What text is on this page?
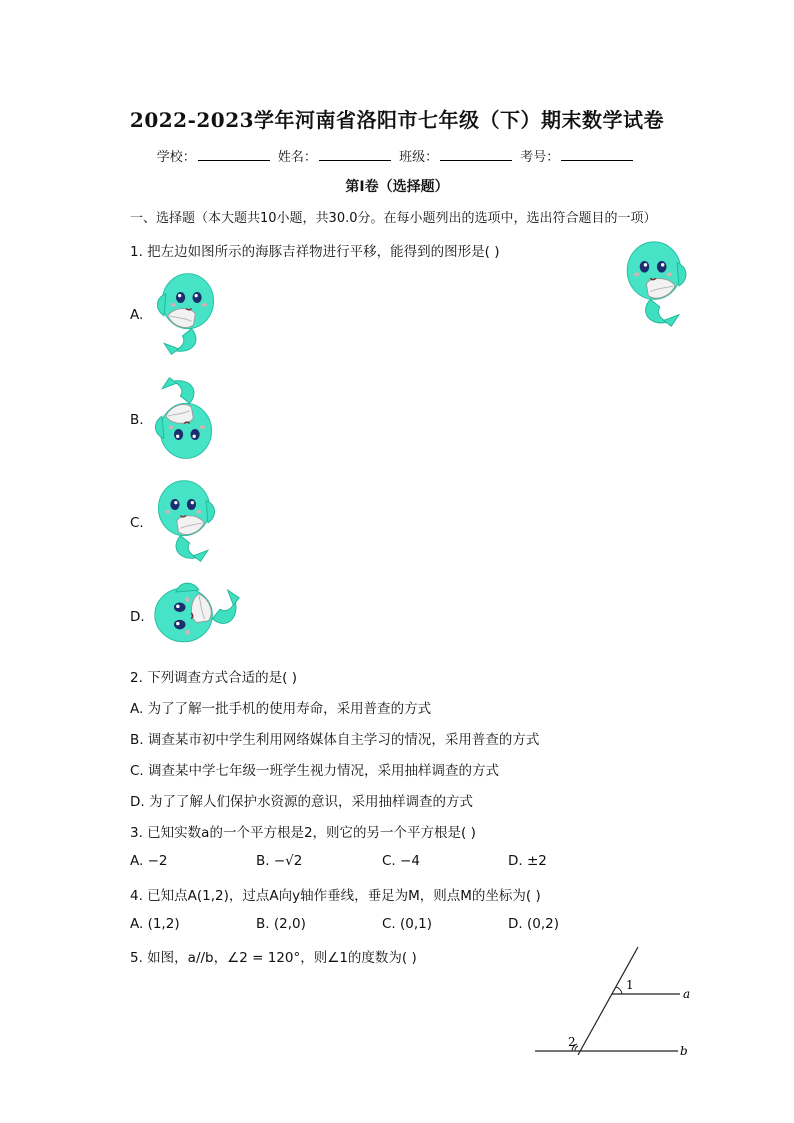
2022-2023学年河南省洛阳市七年级（下）期末数学试卷
学校：	姓名：	班级：	考号：
第I卷（选择题）
一、选择题（本大题共10小题，共30.0分。在每小题列出的选项中，选出符合题目的一项）
1. 把左边如图所示的海豚吉祥物进行平移，能得到的图形是( )
A.
B.
C.
D.
2. 下列调查方式合适的是( )
A. 为了了解一批手机的使用寿命，采用普查的方式
B. 调查某市初中学生利用网络媒体自主学习的情况，采用普查的方式
C. 调查某中学七年级一班学生视力情况，采用抽样调查的方式
D. 为了了解人们保护水资源的意识，采用抽样调查的方式
3. 已知实数a的一个平方根是2，则它的另一个平方根是( )
A. −2	B. −√2	C. −4	D. ±2
4. 已知点A(1,2)，过点A向y轴作垂线，垂足为M，则点M的坐标为( )
A. (1,2)	B. (2,0)	C. (0,1)	D. (0,2)
5. 如图，a//b，∠2 = 120°，则∠1的度数为( )
1
2
a
b
